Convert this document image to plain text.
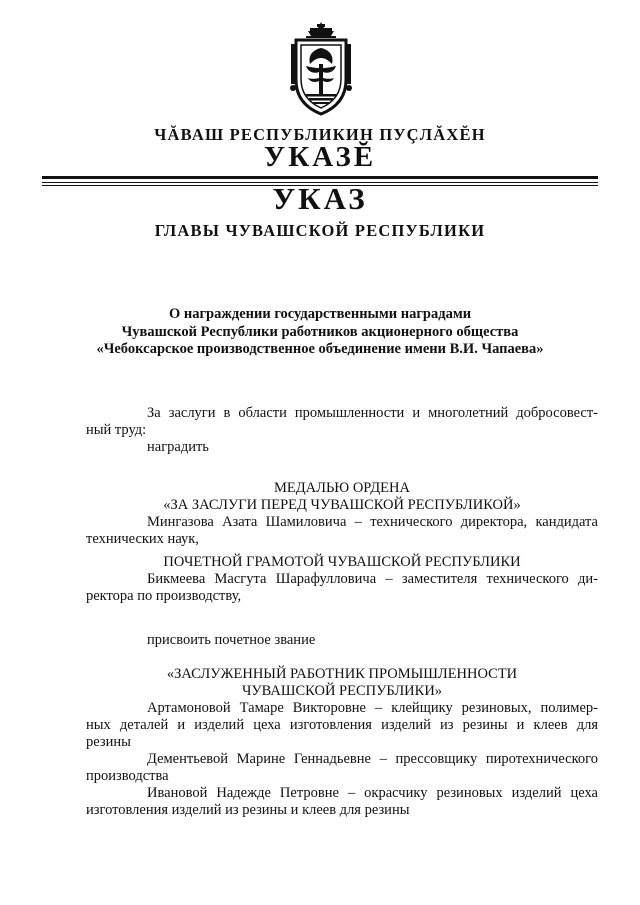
ЧĂВАШ РЕСПУБЛИКИН ПУÇЛĂХĔН
УКАЗĔ
УКАЗ
ГЛАВЫ ЧУВАШСКОЙ РЕСПУБЛИКИ
О награждении государственными наградами
Чувашской Республики работников акционерного общества
«Чебоксарское производственное объединение имени В.И. Чапаева»
За заслуги в области промышленности и многолетний добросовест-
ный труд:
наградить
МЕДАЛЬЮ ОРДЕНА
«ЗА ЗАСЛУГИ ПЕРЕД ЧУВАШСКОЙ РЕСПУБЛИКОЙ»
Мингазова Азата Шамиловича – технического директора, кандидата
технических наук,
ПОЧЕТНОЙ ГРАМОТОЙ ЧУВАШСКОЙ РЕСПУБЛИКИ
Бикмеева Масгута Шарафулловича – заместителя технического ди-
ректора по производству,
присвоить почетное звание
«ЗАСЛУЖЕННЫЙ РАБОТНИК ПРОМЫШЛЕННОСТИ
ЧУВАШСКОЙ РЕСПУБЛИКИ»
Артамоновой Тамаре Викторовне – клейщику резиновых, полимер-
ных деталей и изделий цеха изготовления изделий из резины и клеев для
резины
Дементьевой Марине Геннадьевне – прессовщику пиротехнического
производства
Ивановой Надежде Петровне – окрасчику резиновых изделий цеха
изготовления изделий из резины и клеев для резины
